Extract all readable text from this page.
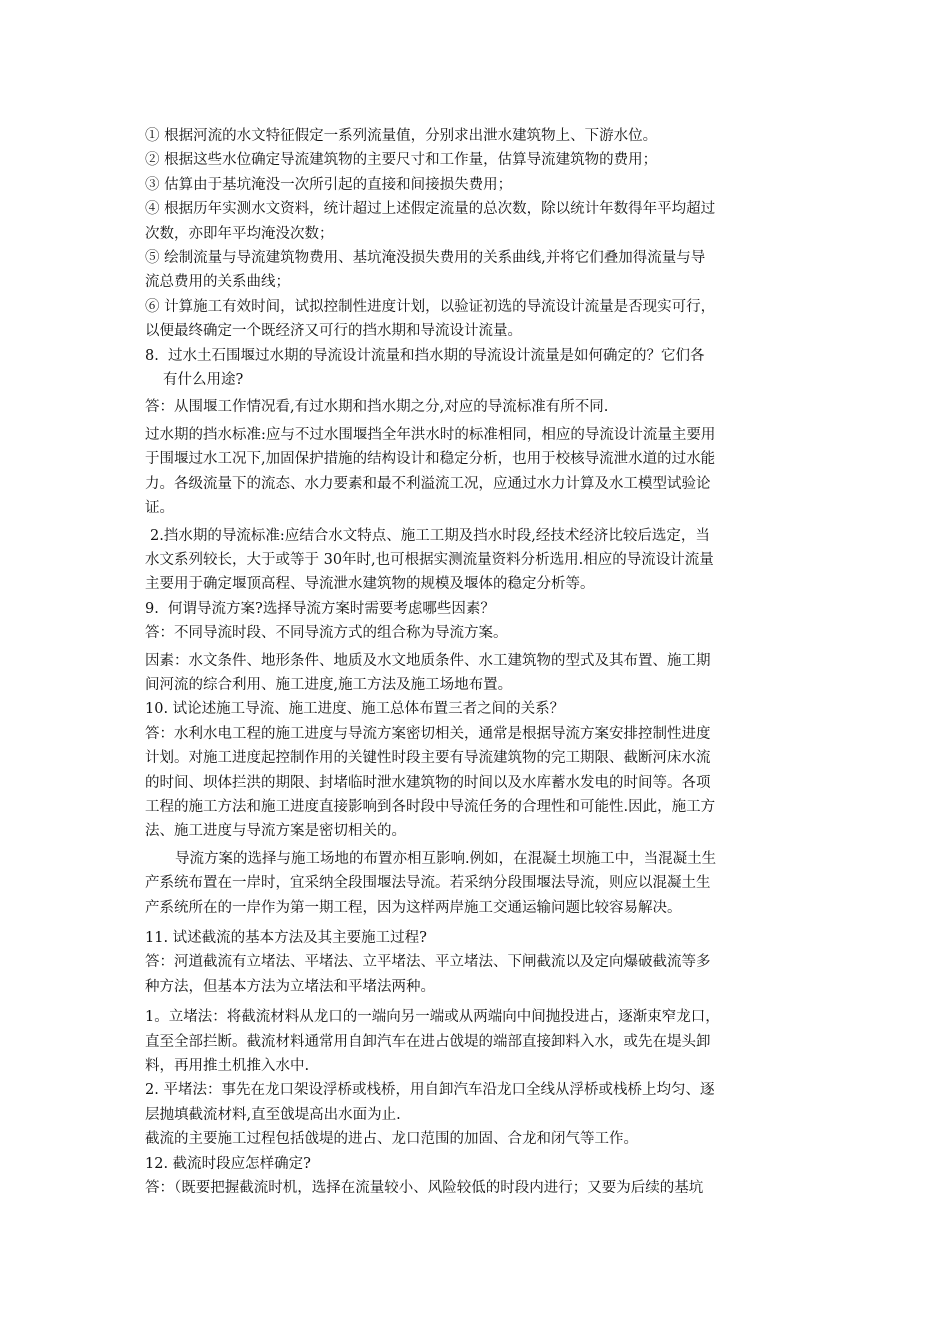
① 根据河流的水文特征假定一系列流量值，分别求出泄水建筑物上、下游水位。

② 根据这些水位确定导流建筑物的主要尺寸和工作量，估算导流建筑物的费用；

③ 估算由于基坑淹没一次所引起的直接和间接损失费用；

④ 根据历年实测水文资料，统计超过上述假定流量的总次数，除以统计年数得年平均超过

次数，亦即年平均淹没次数；

⑤ 绘制流量与导流建筑物费用、基坑淹没损失费用的关系曲线,并将它们叠加得流量与导

流总费用的关系曲线；

⑥ 计算施工有效时间，试拟控制性进度计划，以验证初选的导流设计流量是否现实可行，

以便最终确定一个既经济又可行的挡水期和导流设计流量。

8.  过水土石围堰过水期的导流设计流量和挡水期的导流设计流量是如何确定的？它们各

有什么用途?

答：从围堰工作情况看,有过水期和挡水期之分,对应的导流标准有所不同.

过水期的挡水标准:应与不过水围堰挡全年洪水时的标准相同，相应的导流设计流量主要用

于围堰过水工况下,加固保护措施的结构设计和稳定分析，也用于校核导流泄水道的过水能

力。各级流量下的流态、水力要素和最不利溢流工况，应通过水力计算及水工模型试验论

证。

2.挡水期的导流标准:应结合水文特点、施工工期及挡水时段,经技术经济比较后选定，当

水文系列较长，大于或等于 30年时,也可根据实测流量资料分析选用.相应的导流设计流量

主要用于确定堰顶高程、导流泄水建筑物的规模及堰体的稳定分析等。

9.  何谓导流方案?选择导流方案时需要考虑哪些因素？

答：不同导流时段、不同导流方式的组合称为导流方案。

因素：水文条件、地形条件、地质及水文地质条件、水工建筑物的型式及其布置、施工期

间河流的综合利用、施工进度,施工方法及施工场地布置。

10. 试论述施工导流、施工进度、施工总体布置三者之间的关系？

答：水利水电工程的施工进度与导流方案密切相关，通常是根据导流方案安排控制性进度

计划。对施工进度起控制作用的关键性时段主要有导流建筑物的完工期限、截断河床水流

的时间、坝体拦洪的期限、封堵临时泄水建筑物的时间以及水库蓄水发电的时间等。各项

工程的施工方法和施工进度直接影响到各时段中导流任务的合理性和可能性.因此，施工方

法、施工进度与导流方案是密切相关的。

导流方案的选择与施工场地的布置亦相互影响.例如，在混凝土坝施工中，当混凝土生

产系统布置在一岸时，宜采纳全段围堰法导流。若采纳分段围堰法导流，则应以混凝土生

产系统所在的一岸作为第一期工程，因为这样两岸施工交通运输问题比较容易解决。

11. 试述截流的基本方法及其主要施工过程?

答：河道截流有立堵法、平堵法、立平堵法、平立堵法、下闸截流以及定向爆破截流等多

种方法，但基本方法为立堵法和平堵法两种。

1。立堵法：将截流材料从龙口的一端向另一端或从两端向中间抛投进占，逐渐束窄龙口，

直至全部拦断。截流材料通常用自卸汽车在进占戗堤的端部直接卸料入水，或先在堤头卸

料，再用推土机推入水中.

2. 平堵法：事先在龙口架设浮桥或栈桥，用自卸汽车沿龙口全线从浮桥或栈桥上均匀、逐

层抛填截流材料,直至戗堤高出水面为止.

截流的主要施工过程包括戗堤的进占、龙口范围的加固、合龙和闭气等工作。

12. 截流时段应怎样确定?

答：（既要把握截流时机，选择在流量较小、风险较低的时段内进行；又要为后续的基坑
